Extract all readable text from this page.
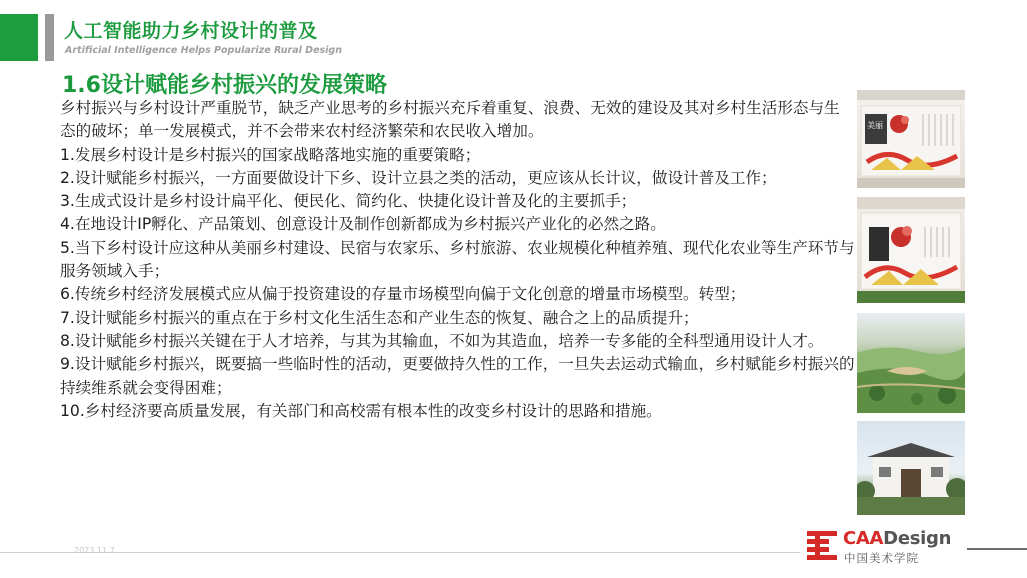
人工智能助力乡村设计的普及
Artificial Intelligence Helps Popularize Rural Design
1.6设计赋能乡村振兴的发展策略

乡村振兴与乡村设计严重脱节，缺乏产业思考的乡村振兴充斥着重复、浪费、无效的建设及其对乡村生活形态与生态的破坏；单一发展模式，并不会带来农村经济繁荣和农民收入增加。

1.发展乡村设计是乡村振兴的国家战略落地实施的重要策略；

2.设计赋能乡村振兴，一方面要做设计下乡、设计立县之类的活动，更应该从长计议，做设计普及工作；

3.生成式设计是乡村设计扁平化、便民化、简约化、快捷化设计普及化的主要抓手；

4.在地设计IP孵化、产品策划、创意设计及制作创新都成为乡村振兴产业化的必然之路。

5.当下乡村设计应这种从美丽乡村建设、民宿与农家乐、乡村旅游、农业规模化种植养殖、现代化农业等生产环节与服务领域入手；

6.传统乡村经济发展模式应从偏于投资建设的存量市场模型向偏于文化创意的增量市场模型。转型；

7.设计赋能乡村振兴的重点在于乡村文化生活生态和产业生态的恢复、融合之上的品质提升；

8.设计赋能乡村振兴关键在于人才培养，与其为其输血，不如为其造血，培养一专多能的全科型通用设计人才。

9.设计赋能乡村振兴，既要搞一些临时性的活动，更要做持久性的工作，一旦失去运动式输血，乡村赋能乡村振兴的持续维系就会变得困难；

10.乡村经济要高质量发展，有关部门和高校需有根本性的改变乡村设计的思路和措施。

美丽
2023.11.7
CAADesign
中国美术学院
